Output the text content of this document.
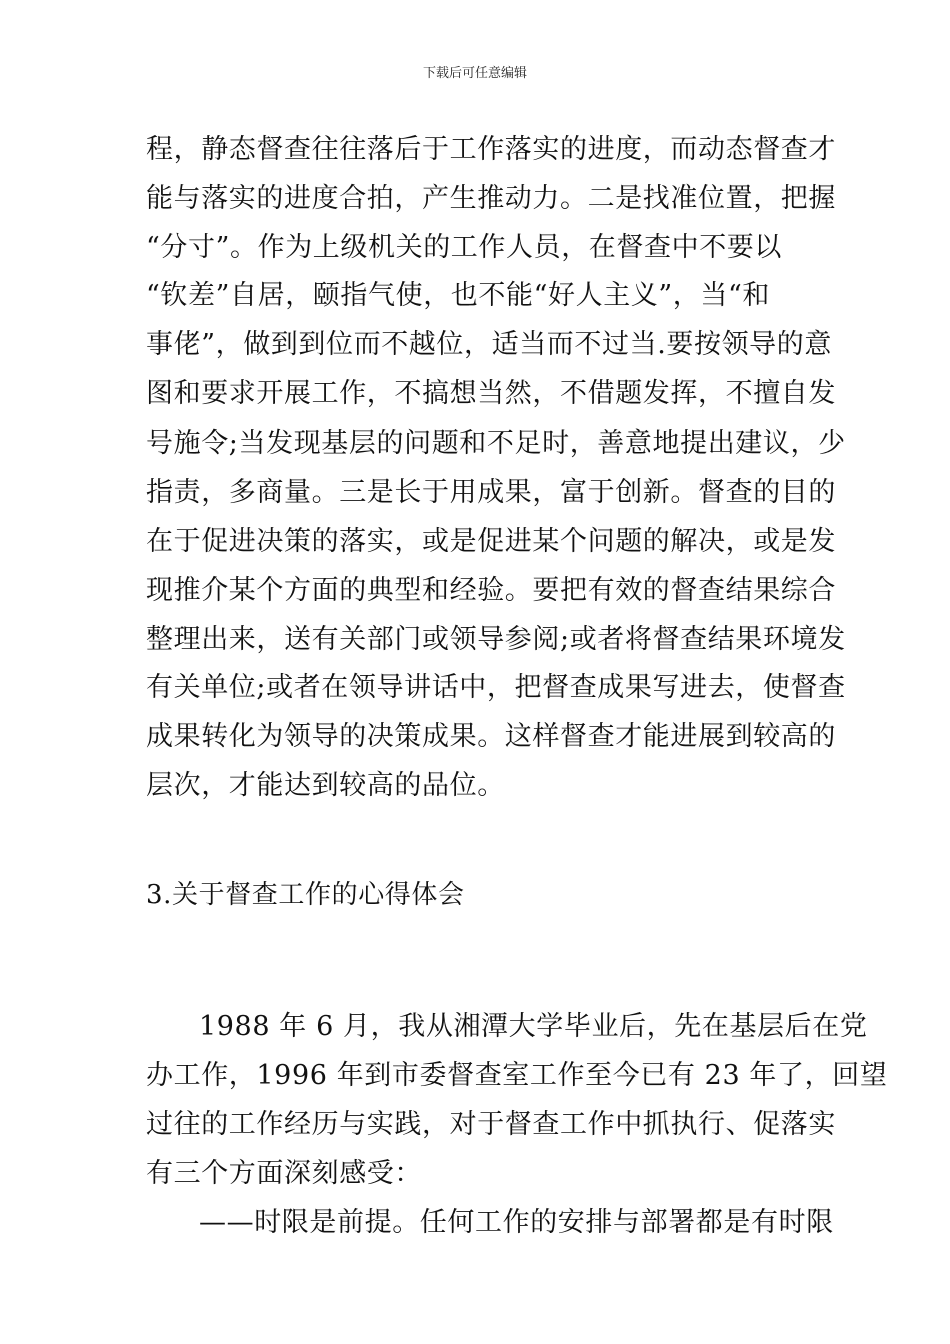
下载后可任意编辑
程，静态督查往往落后于工作落实的进度，而动态督查才
能与落实的进度合拍，产生推动力。二是找准位置，把握
“分寸”。作为上级机关的工作人员，在督查中不要以
“钦差”自居，颐指气使，也不能“好人主义”，当“和
事佬”，做到到位而不越位，适当而不过当.要按领导的意
图和要求开展工作，不搞想当然，不借题发挥，不擅自发
号施令;当发现基层的问题和不足时，善意地提出建议，少
指责，多商量。三是长于用成果，富于创新。督查的目的
在于促进决策的落实，或是促进某个问题的解决，或是发
现推介某个方面的典型和经验。要把有效的督查结果综合
整理出来，送有关部门或领导参阅;或者将督查结果环境发
有关单位;或者在领导讲话中，把督查成果写进去，使督查
成果转化为领导的决策成果。这样督查才能进展到较高的
层次，才能达到较高的品位。
3.关于督查工作的心得体会
1988 年 6 月，我从湘潭大学毕业后，先在基层后在党
办工作，1996 年到市委督查室工作至今已有 23 年了，回望
过往的工作经历与实践，对于督查工作中抓执行、促落实
有三个方面深刻感受：
——时限是前提。任何工作的安排与部署都是有时限
